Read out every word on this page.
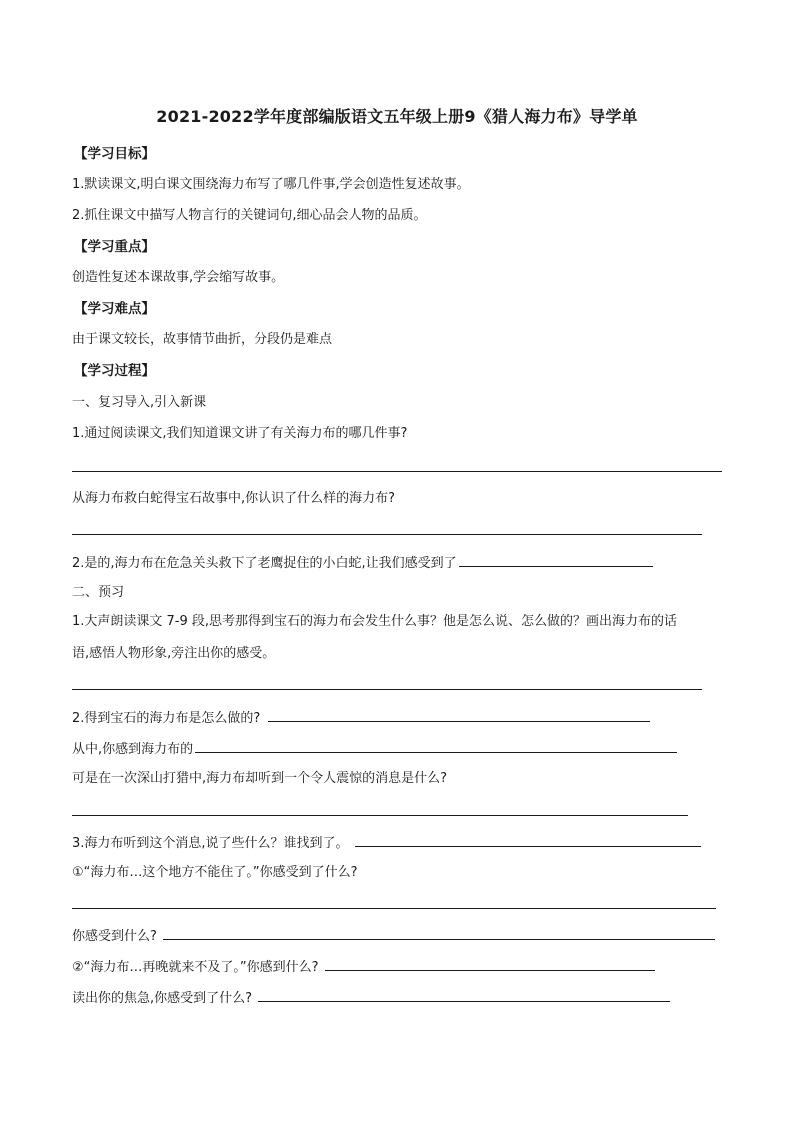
2021-2022学年度部编版语文五年级上册9《猎人海力布》导学单
【学习目标】
1.默读课文,明白课文围绕海力布写了哪几件事,学会创造性复述故事。
2.抓住课文中描写人物言行的关键词句,细心品会人物的品质。
【学习重点】
创造性复述本课故事,学会缩写故事。
【学习难点】
由于课文较长，故事情节曲折，分段仍是难点
【学习过程】
一、复习导入,引入新课
1.通过阅读课文,我们知道课文讲了有关海力布的哪几件事?
从海力布救白蛇得宝石故事中,你认识了什么样的海力布?
2.是的,海力布在危急关头救下了老鹰捉住的小白蛇,让我们感受到了
二、预习
1.大声朗读课文 7-9 段,思考那得到宝石的海力布会发生什么事？他是怎么说、怎么做的？画出海力布的话
语,感悟人物形象,旁注出你的感受。
2.得到宝石的海力布是怎么做的?
从中,你感到海力布的
可是在一次深山打猎中,海力布却听到一个令人震惊的消息是什么?
3.海力布听到这个消息,说了些什么？谁找到了。
①“海力布…这个地方不能住了。”你感受到了什么?
你感受到什么?
②“海力布…再晚就来不及了。”你感到什么?
读出你的焦急,你感受到了什么?
